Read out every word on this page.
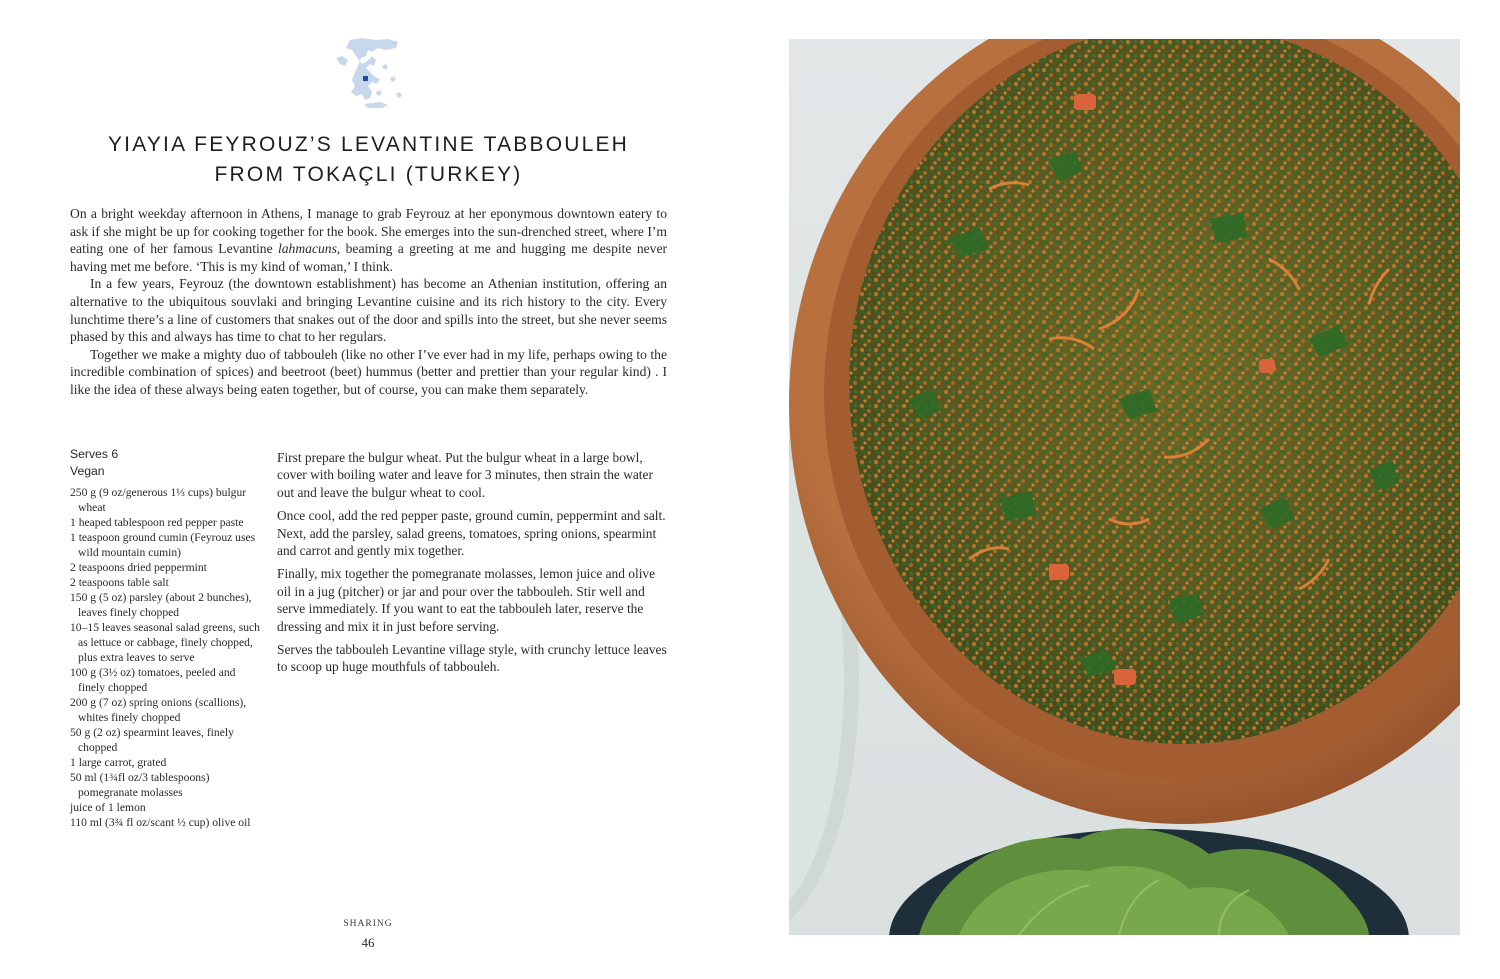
YIAYIA FEYROUZ’S LEVANTINE TABBOULEH
FROM TOKAÇLI (TURKEY)

On a bright weekday afternoon in Athens, I manage to grab Feyrouz at her eponymous downtown eatery to ask if she might be up for cooking together for the book. She emerges into the sun-drenched street, where I’m eating one of her famous Levantine lahmacuns, beaming a greeting at me and hugging me despite never having met me before. ‘This is my kind of woman,’ I think.

In a few years, Feyrouz (the downtown establishment) has become an Athenian institution, offering an alternative to the ubiquitous souvlaki and bringing Levantine cuisine and its rich history to the city. Every lunchtime there’s a line of customers that snakes out of the door and spills into the street, but she never seems phased by this and always has time to chat to her regulars.

Together we make a mighty duo of tabbouleh (like no other I’ve ever had in my life, perhaps owing to the incredible combination of spices) and beetroot (beet) hummus (better and prettier than your regular kind) . I like the idea of these always being eaten together, but of course, you can make them separately.

Serves 6
Vegan
250 g (9 oz/generous 1⅓ cups) bulgur wheat
1 heaped tablespoon red pepper paste
1 teaspoon ground cumin (Feyrouz uses wild mountain cumin)
2 teaspoons dried peppermint
2 teaspoons table salt
150 g (5 oz) parsley (about 2 bunches), leaves finely chopped
10–15 leaves seasonal salad greens, such as lettuce or cabbage, finely chopped, plus extra leaves to serve
100 g (3½ oz) tomatoes, peeled and finely chopped
200 g (7 oz) spring onions (scallions), whites finely chopped
50 g (2 oz) spearmint leaves, finely chopped
1 large carrot, grated
50 ml (1¾fl oz/3 tablespoons) pomegranate molasses
juice of 1 lemon
110 ml (3¾ fl oz/scant ½ cup) olive oil

First prepare the bulgur wheat. Put the bulgur wheat in a large bowl, cover with boiling water and leave for 3 minutes, then strain the water out and leave the bulgur wheat to cool.

Once cool, add the red pepper paste, ground cumin, peppermint and salt. Next, add the parsley, salad greens, tomatoes, spring onions, spearmint and carrot and gently mix together.

Finally, mix together the pomegranate molasses, lemon juice and olive oil in a jug (pitcher) or jar and pour over the tabbouleh. Stir well and serve immediately. If you want to eat the tabbouleh later, reserve the dressing and mix it in just before serving.

Serves the tabbouleh Levantine village style, with crunchy lettuce leaves to scoop up huge mouthfuls of tabbouleh.

SHARING
46
